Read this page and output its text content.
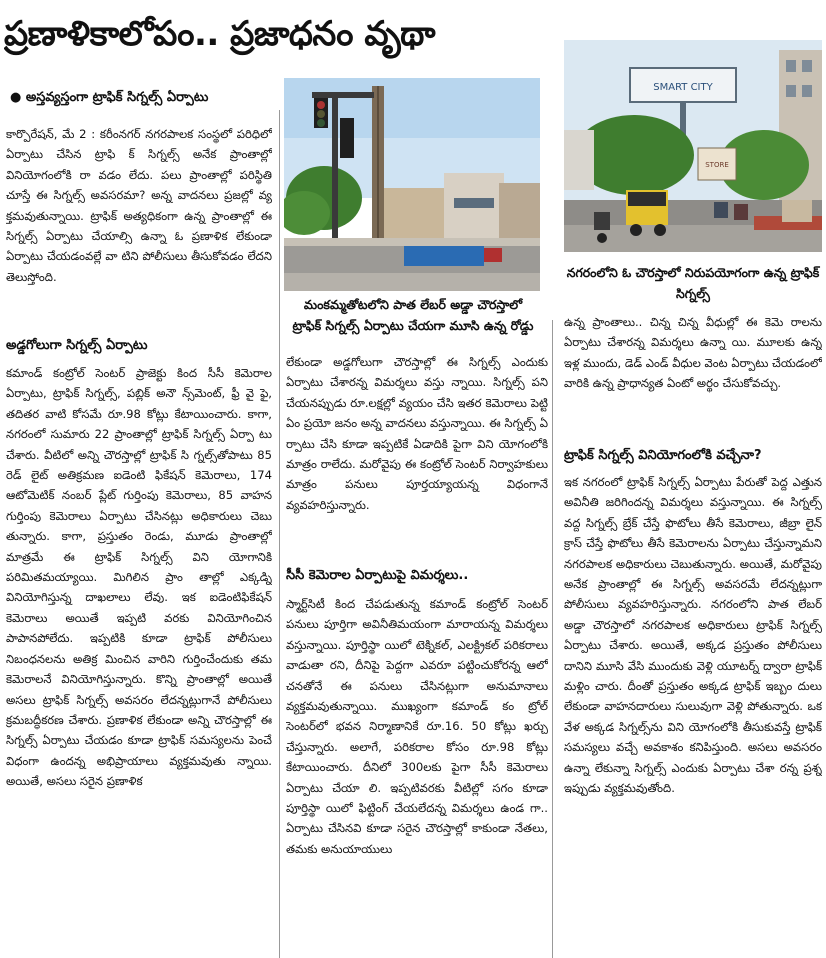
ప్రణాళికాలోపం.. ప్రజాధనం వృథా
● అస్తవ్యస్తంగా ట్రాఫిక్ సిగ్నల్స్ ఏర్పాటు
SMART CITY
STORE
మంకమ్మతోటలోని పాత లేబర్ అడ్డా చౌరస్తాలో ట్రాఫిక్ సిగ్నల్స్ ఏర్పాటు చేయగా మూసి ఉన్న రోడ్డు
నగరంలోని ఓ చౌరస్తాలో నిరుపయోగంగా ఉన్న ట్రాఫిక్ సిగ్నల్స్

కార్పొరేషన్, మే 2 : కరీంనగర్ నగరపాలక సంస్థలో పరిధిలో ఏర్పాటు చేసిన ట్రాఫి క్ సిగ్నల్స్ అనేక ప్రాంతాల్లో వినియోగంలోకి రా వడం లేదు. పలు ప్రాంతాల్లో పరిస్థితి చూస్తే ఈ సిగ్నల్స్ అవసరమా? అన్న వాదనలు ప్రజల్లో వ్య క్తమవుతున్నాయి. ట్రాఫిక్ అత్యధికంగా ఉన్న ప్రాంతాల్లో ఈ సిగ్నల్స్ ఏర్పాటు చేయాల్సి ఉన్నా ఓ ప్రణాళిక లేకుండా ఏర్పాటు చేయడంవల్లే వా టిని పోలీసులు తీసుకోవడం లేదని తెలుస్తోంది.

అడ్డగోలుగా సిగ్నల్స్ ఏర్పాటు

కమాండ్ కంట్రోల్ సెంటర్ ప్రాజెక్టు కింద సీసీ కెమెరాల ఏర్పాటు, ట్రాఫిక్ సిగ్నల్స్, పబ్లిక్ అనౌ న్స్‌మెంట్, ఫ్రీ వై ఫై, తదితర వాటి కోసమే రూ.98 కోట్లు కేటాయించారు. కాగా, నగరంలో సుమారు 22 ప్రాంతాల్లో ట్రాఫిక్ సిగ్నల్స్ ఏర్పా టు చేశారు. వీటిలో అన్ని చౌరస్తాల్లో ట్రాఫిక్ సి గ్నల్స్‌తోపాటు 85 రెడ్ లైట్ అతిక్రమణ ఐడెంటి ఫికేషన్ కెమెరాలు, 174 ఆటోమెటిక్ నంబర్ ప్లేట్ గుర్తింపు కెమెరాలు, 85 వాహన గుర్తింపు కెమెరాలు ఏర్పాటు చేసినట్లు అధికారులు చెబు తున్నారు. కాగా, ప్రస్తుతం రెండు, మూడు ప్రాంతాల్లో మాత్రమే ఈ ట్రాఫిక్ సిగ్నల్స్ విని యోగానికి పరిమితమయ్యాయి. మిగిలిన ప్రాం తాల్లో ఎక్కడ్ని వినియోగిస్తున్న దాఖలాలు లేవు. ఇక ఐడెంటిఫికేషన్ కెమెరాలు అయితే ఇప్పటి వరకు వినియోగించిన పాపానపోలేదు. ఇప్పటికి కూడా ట్రాఫిక్ పోలీసులు నిబంధనలను అతిక్ర మించిన వారిని గుర్తించేందుకు తమ కెమెరాలనే వినియోగిస్తున్నారు. కొన్ని ప్రాంతాల్లో అయితే అసలు ట్రాఫిక్ సిగ్నల్స్ అవసరం లేదన్నట్లుగానే పోలీసులు క్రమబద్ధీకరణ చేశారు. ప్రణాళిక లేకుండా అన్ని చౌరస్తాల్లో ఈ సిగ్నల్స్ ఏర్పాటు చేయడం కూడా ట్రాఫిక్ సమస్యలను పెంచే విధంగా ఉందన్న అభిప్రాయాలు వ్యక్తమవుతు న్నాయి. అయితే, అసలు సరైన ప్రణాళిక

లేకుండా అడ్డగోలుగా చౌరస్తాల్లో ఈ సిగ్నల్స్ ఎందుకు ఏర్పాటు చేశారన్న విమర్శలు వస్తు న్నాయి. సిగ్నల్స్ పని చేయనప్పుడు రూ.లక్షల్లో వ్యయం చేసి ఇతర కెమెరాలు పెట్టి ఏం ప్రయో జనం అన్న వాదనలు వస్తున్నాయి. ఈ సిగ్నల్స్ ఏ ర్పాటు చేసి కూడా ఇప్పటికే ఏడాదికి పైగా విని యోగంలోకి మాత్రం రాలేదు. మరోవైపు ఈ కంట్రోల్ సెంటర్ నిర్వాహకులు మాత్రం పనులు పూర్తయ్యాయన్న విధంగానే వ్యవహరిస్తున్నారు.

సీసీ కెమెరాల ఏర్పాటుపై విమర్శలు..

స్మార్ట్‌సిటీ కింద చేపడుతున్న కమాండ్ కంట్రోల్ సెంటర్ పనులు పూర్తిగా అవినీతిమయంగా మారాయన్న విమర్శలు వస్తున్నాయి. పూర్తిస్థా యిలో టెక్నికల్, ఎలక్ట్రికల్ పరికరాలు వాడుతా రని, దీనిపై పెద్దగా ఎవరూ పట్టించుకోరన్న ఆలో చనతోనే ఈ పనులు చేసినట్లుగా అనుమానాలు వ్యక్తమవుతున్నాయి. ముఖ్యంగా కమాండ్ కం ట్రోల్ సెంటర్‌లో భవన నిర్మాణానికే రూ.16. 50 కోట్లు ఖర్చు చేస్తున్నారు. అలాగే, పరికరాల కోసం రూ.98 కోట్లు కేటాయించారు. దీనిలో 300లకు పైగా సీసీ కెమెరాలు ఏర్పాటు చేయా లి. ఇప్పటివరకు వీటిల్లో సగం కూడా పూర్తిస్థా యిలో ఫిట్టింగ్ చేయలేదన్న విమర్శలు ఉండ గా.. ఏర్పాటు చేసినవి కూడా సరైన చౌరస్తాల్లో కాకుండా నేతలు, తమకు అనుయాయులు

ఉన్న ప్రాంతాలు.. చిన్న చిన్న వీధుల్లో ఈ కెమె రాలను ఏర్పాటు చేశారన్న విమర్శలు ఉన్నా యి. మూలకు ఉన్న ఇళ్ల ముందు, డెడ్ ఎండ్ వీధుల వెంట ఏర్పాటు చేయడంలో వారికి ఉన్న ప్రాధాన్యత ఏంటో అర్థం చేసుకోవచ్చు.

ట్రాఫిక్ సిగ్నల్స్ వినియోగంలోకి వచ్చేనా?

ఇక నగరంలో ట్రాఫిక్ సిగ్నల్స్ ఏర్పాటు పేరుతో పెద్ద ఎత్తున అవినీతి జరిగిందన్న విమర్శలు వస్తున్నాయి. ఈ సిగ్నల్స్ వద్ద సిగ్నల్స్ బ్రేక్ చేస్తే ఫొటోలు తీసే కెమెరాలు, జీబ్రా లైన్ క్రాస్ చేస్తే ఫొటోలు తీసే కెమెరాలను ఏర్పాటు చేస్తున్నామని నగరపాలక అధికారులు చెబుతున్నారు. అయితే, మరోవైపు అనేక ప్రాంతాల్లో ఈ సిగ్నల్స్ అవసరమే లేదన్నట్లుగా పోలీసులు వ్యవహరిస్తున్నారు. నగరంలోని పాత లేబర్ అడ్డా చౌరస్తాలో నగరపాలక అధికారులు ట్రాఫిక్ సిగ్నల్స్ ఏర్పాటు చేశారు. అయితే, అక్కడ ప్రస్తుతం పోలీసులు దానిని మూసి వేసి ముందుకు వెళ్లి యూటర్న్ ద్వారా ట్రాఫిక్ మళ్లిం చారు. దీంతో ప్రస్తుతం అక్కడ ట్రాఫిక్ ఇబ్బం దులు లేకుండా వాహనదారులు సులువుగా వెళ్లి పోతున్నారు. ఒక వేళ అక్కడ సిగ్నల్స్‌ను విని యోగంలోకి తీసుకువస్తే ట్రాఫిక్ సమస్యలు వచ్చే అవకాశం కనిపిస్తుంది. అసలు అవసరం ఉన్నా లేకున్నా సిగ్నల్స్ ఎందుకు ఏర్పాటు చేశా రన్న ప్రశ్న ఇప్పుడు వ్యక్తమవుతోంది.
